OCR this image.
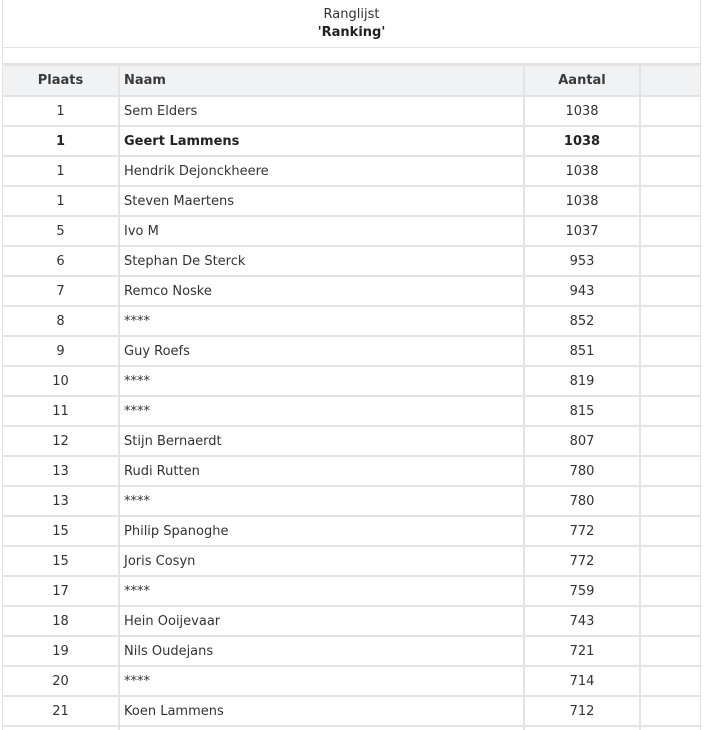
Ranglijst
'Ranking'
Plaats	Naam	Aantal	
1	Sem Elders	1038	
1	Geert Lammens	1038	
1	Hendrik Dejonckheere	1038	
1	Steven Maertens	1038	
5	Ivo M	1037	
6	Stephan De Sterck	953	
7	Remco Noske	943	
8	****	852	
9	Guy Roefs	851	
10	****	819	
11	****	815	
12	Stijn Bernaerdt	807	
13	Rudi Rutten	780	
13	****	780	
15	Philip Spanoghe	772	
15	Joris Cosyn	772	
17	****	759	
18	Hein Ooijevaar	743	
19	Nils Oudejans	721	
20	****	714	
21	Koen Lammens	712	
